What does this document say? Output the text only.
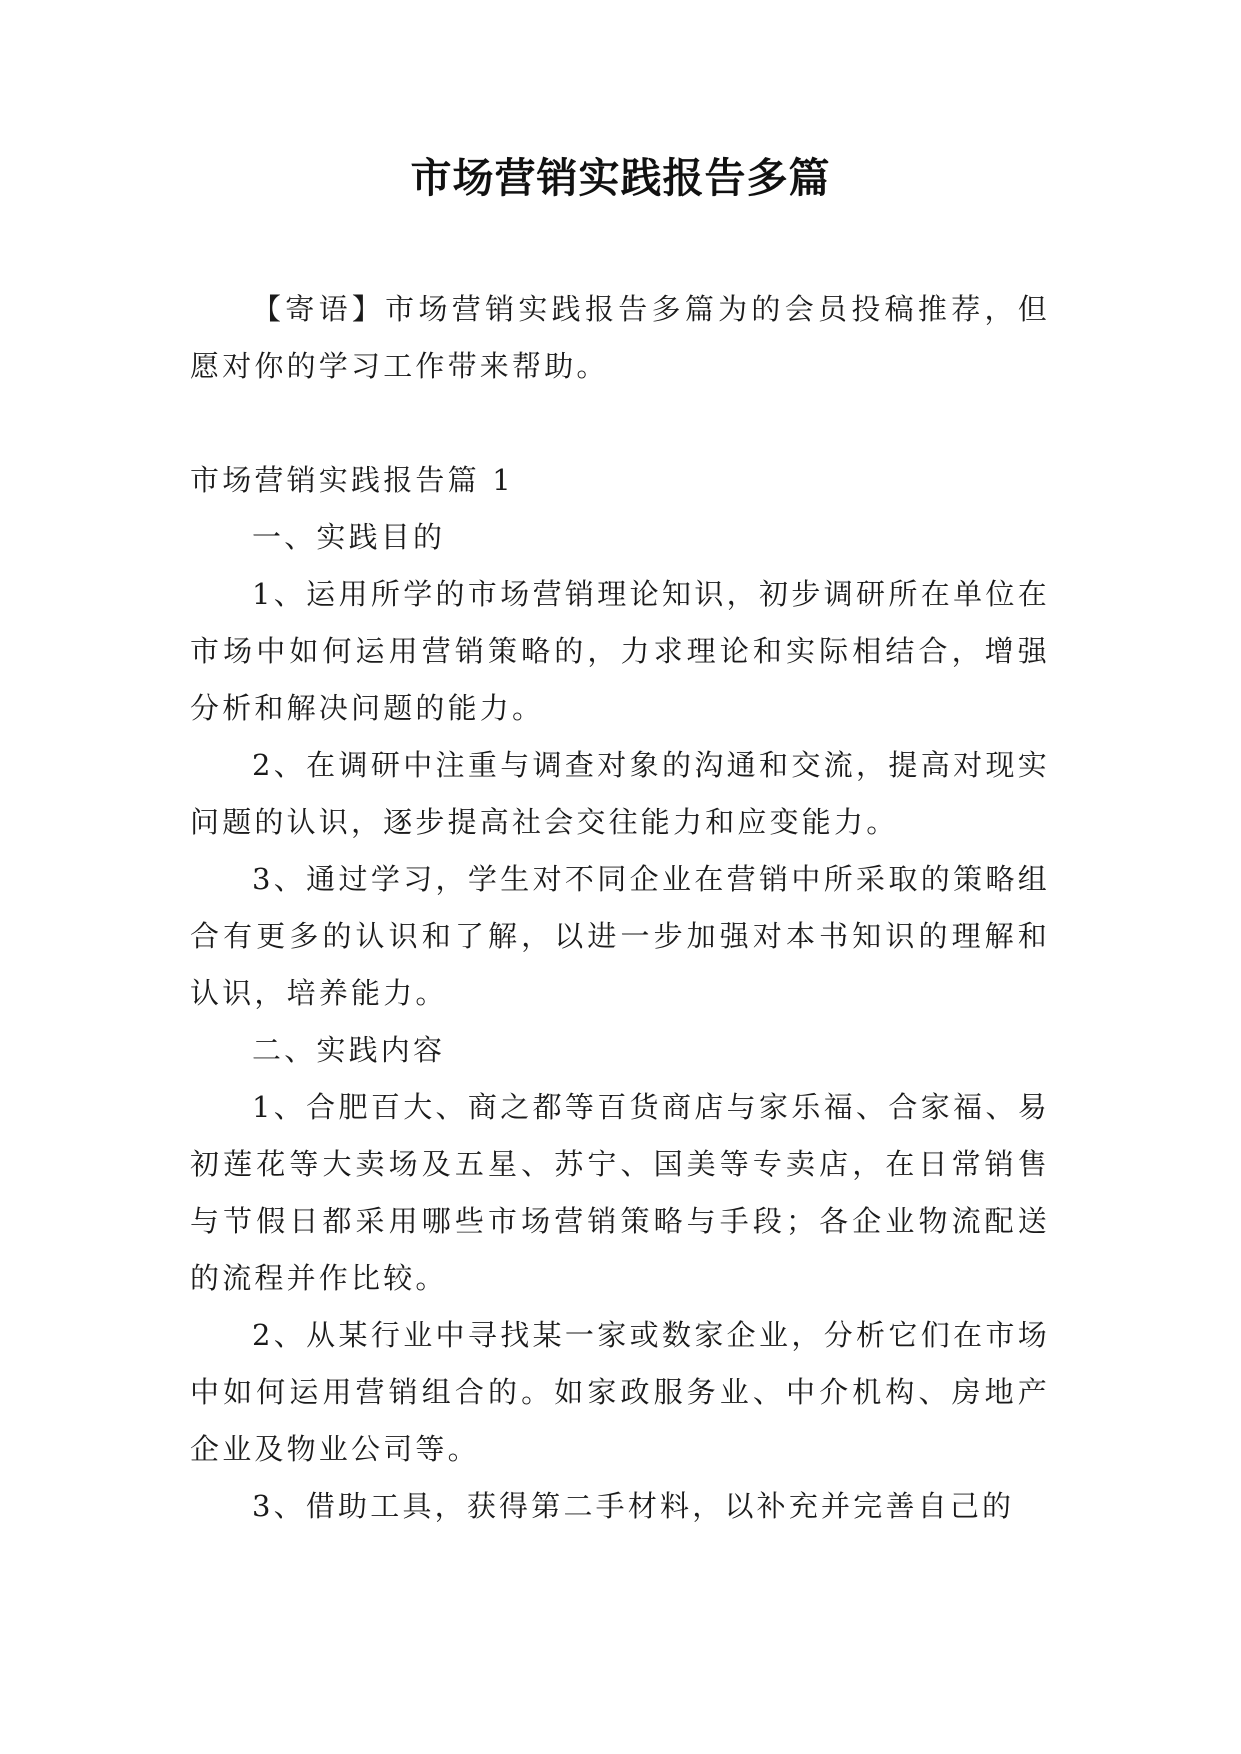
市场营销实践报告多篇

【寄语】市场营销实践报告多篇为的会员投稿推荐，但愿对你的学习工作带来帮助。

市场营销实践报告篇 1

一、实践目的

1、运用所学的市场营销理论知识，初步调研所在单位在市场中如何运用营销策略的，力求理论和实际相结合，增强分析和解决问题的能力。

2、在调研中注重与调查对象的沟通和交流，提高对现实问题的认识，逐步提高社会交往能力和应变能力。

3、通过学习，学生对不同企业在营销中所采取的策略组合有更多的认识和了解，以进一步加强对本书知识的理解和认识，培养能力。

二、实践内容

1、合肥百大、商之都等百货商店与家乐福、合家福、易初莲花等大卖场及五星、苏宁、国美等专卖店，在日常销售与节假日都采用哪些市场营销策略与手段；各企业物流配送的流程并作比较。

2、从某行业中寻找某一家或数家企业，分析它们在市场中如何运用营销组合的。如家政服务业、中介机构、房地产企业及物业公司等。

3、借助工具，获得第二手材料，以补充并完善自己的
